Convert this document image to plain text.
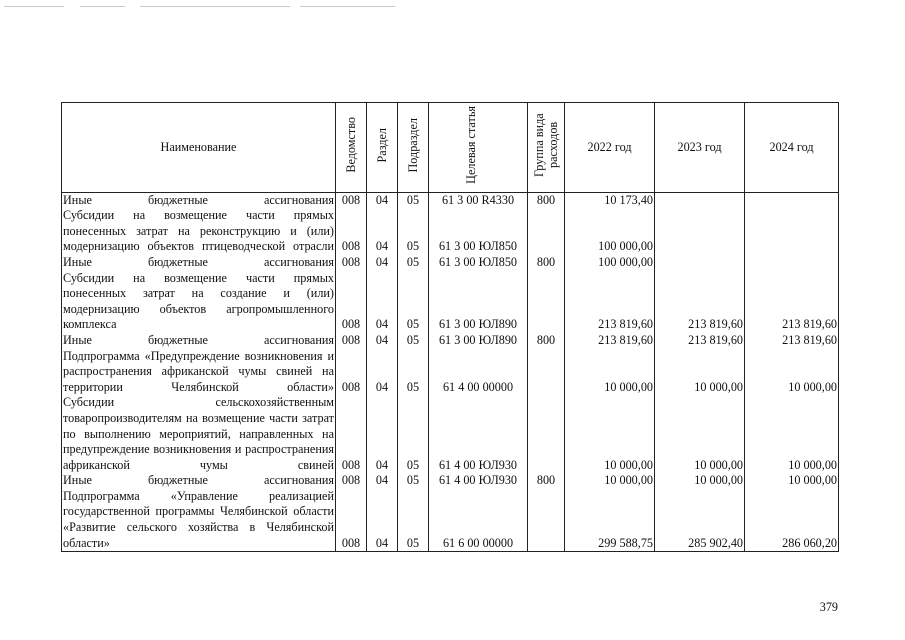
Наименование	Ведомство	Раздел	Подраздел	Целевая статья	Группа вида расходов	2022 год	2023 год	2024 год
Иные бюджетные ассигнования	008	04	05	61 3 00 R4330	800	10 173,40		
Субсидии на возмещение части прямых понесенных затрат на реконструкцию и (или) модернизацию объектов птицеводческой отрасли	008	04	05	61 3 00 ЮЛ850		100 000,00		
Иные бюджетные ассигнования	008	04	05	61 3 00 ЮЛ850	800	100 000,00		
Субсидии на возмещение части прямых понесенных затрат на создание и (или) модернизацию объектов агропромышленного комплекса	008	04	05	61 3 00 ЮЛ890		213 819,60	213 819,60	213 819,60
Иные бюджетные ассигнования	008	04	05	61 3 00 ЮЛ890	800	213 819,60	213 819,60	213 819,60
Подпрограмма «Предупреждение возникновения и распространения африканской чумы свиней на территории Челябинской области»	008	04	05	61 4 00 00000		10 000,00	10 000,00	10 000,00
Субсидии сельскохозяйственным товаропроизводителям на возмещение части затрат по выполнению мероприятий, направленных на предупреждение возникновения и распространения африканской чумы свиней	008	04	05	61 4 00 ЮЛ930		10 000,00	10 000,00	10 000,00
Иные бюджетные ассигнования	008	04	05	61 4 00 ЮЛ930	800	10 000,00	10 000,00	10 000,00
Подпрограмма «Управление реализацией государственной программы Челябинской области «Развитие сельского хозяйства в Челябинской области»	008	04	05	61 6 00 00000		299 588,75	285 902,40	286 060,20
379
